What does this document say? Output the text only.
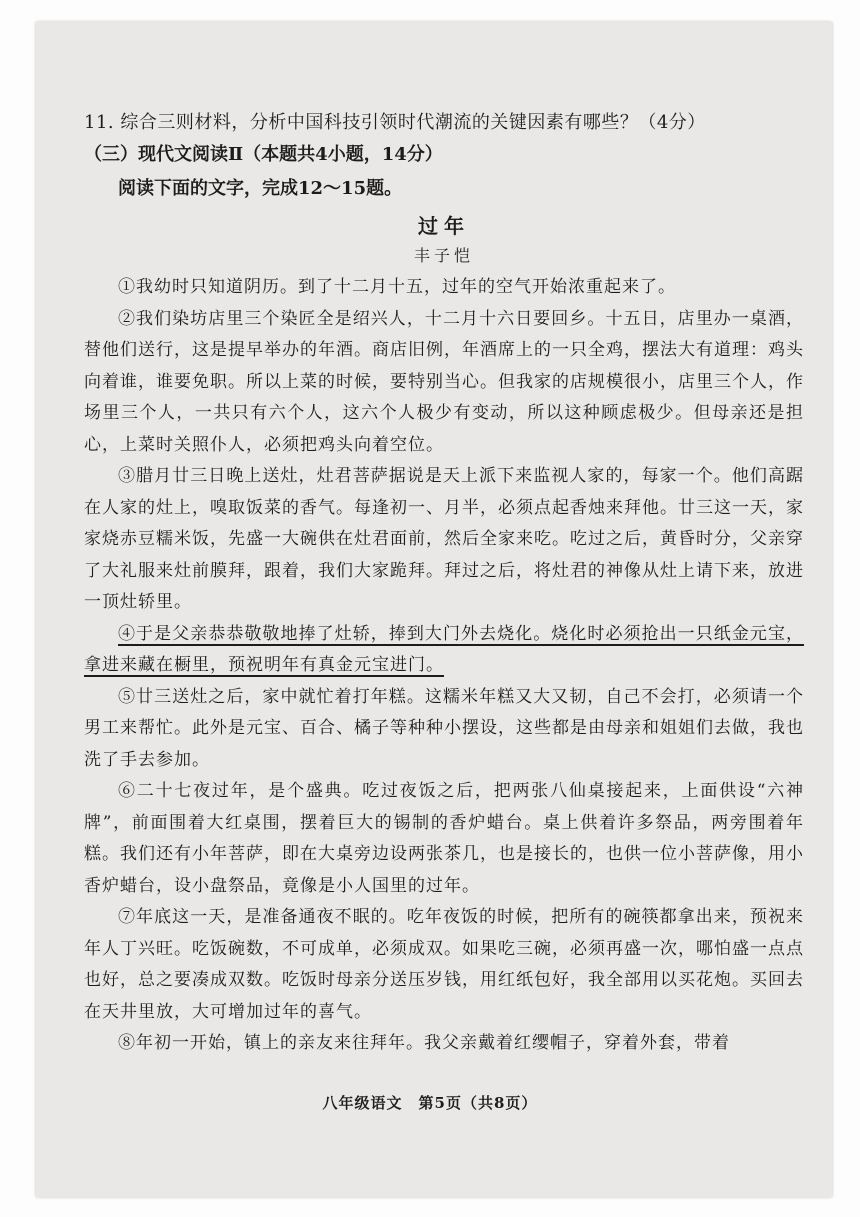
11. 综合三则材料，分析中国科技引领时代潮流的关键因素有哪些？（4分）

（三）现代文阅读Ⅱ（本题共4小题，14分）

阅读下面的文字，完成12～15题。

过年
丰子恺

①我幼时只知道阴历。到了十二月十五，过年的空气开始浓重起来了。

②我们染坊店里三个染匠全是绍兴人，十二月十六日要回乡。十五日，店里办一桌酒，替他们送行，这是提早举办的年酒。商店旧例，年酒席上的一只全鸡，摆法大有道理：鸡头向着谁，谁要免职。所以上菜的时候，要特别当心。但我家的店规模很小，店里三个人，作场里三个人，一共只有六个人，这六个人极少有变动，所以这种顾虑极少。但母亲还是担心，上菜时关照仆人，必须把鸡头向着空位。

③腊月廿三日晚上送灶，灶君菩萨据说是天上派下来监视人家的，每家一个。他们高踞在人家的灶上，嗅取饭菜的香气。每逢初一、月半，必须点起香烛来拜他。廿三这一天，家家烧赤豆糯米饭，先盛一大碗供在灶君面前，然后全家来吃。吃过之后，黄昏时分，父亲穿了大礼服来灶前膜拜，跟着，我们大家跪拜。拜过之后，将灶君的神像从灶上请下来，放进一顶灶轿里。

④于是父亲恭恭敬敬地捧了灶轿，捧到大门外去烧化。烧化时必须抢出一只纸金元宝，拿进来藏在橱里，预祝明年有真金元宝进门。

⑤廿三送灶之后，家中就忙着打年糕。这糯米年糕又大又韧，自己不会打，必须请一个男工来帮忙。此外是元宝、百合、橘子等种种小摆设，这些都是由母亲和姐姐们去做，我也洗了手去参加。

⑥二十七夜过年，是个盛典。吃过夜饭之后，把两张八仙桌接起来，上面供设“六神牌”，前面围着大红桌围，摆着巨大的锡制的香炉蜡台。桌上供着许多祭品，两旁围着年糕。我们还有小年菩萨，即在大桌旁边设两张茶几，也是接长的，也供一位小菩萨像，用小香炉蜡台，设小盘祭品，竟像是小人国里的过年。

⑦年底这一天，是准备通夜不眠的。吃年夜饭的时候，把所有的碗筷都拿出来，预祝来年人丁兴旺。吃饭碗数，不可成单，必须成双。如果吃三碗，必须再盛一次，哪怕盛一点点也好，总之要凑成双数。吃饭时母亲分送压岁钱，用红纸包好，我全部用以买花炮。买回去在天井里放，大可增加过年的喜气。

⑧年初一开始，镇上的亲友来往拜年。我父亲戴着红缨帽子，穿着外套，带着

八年级语文　第5页（共8页）
